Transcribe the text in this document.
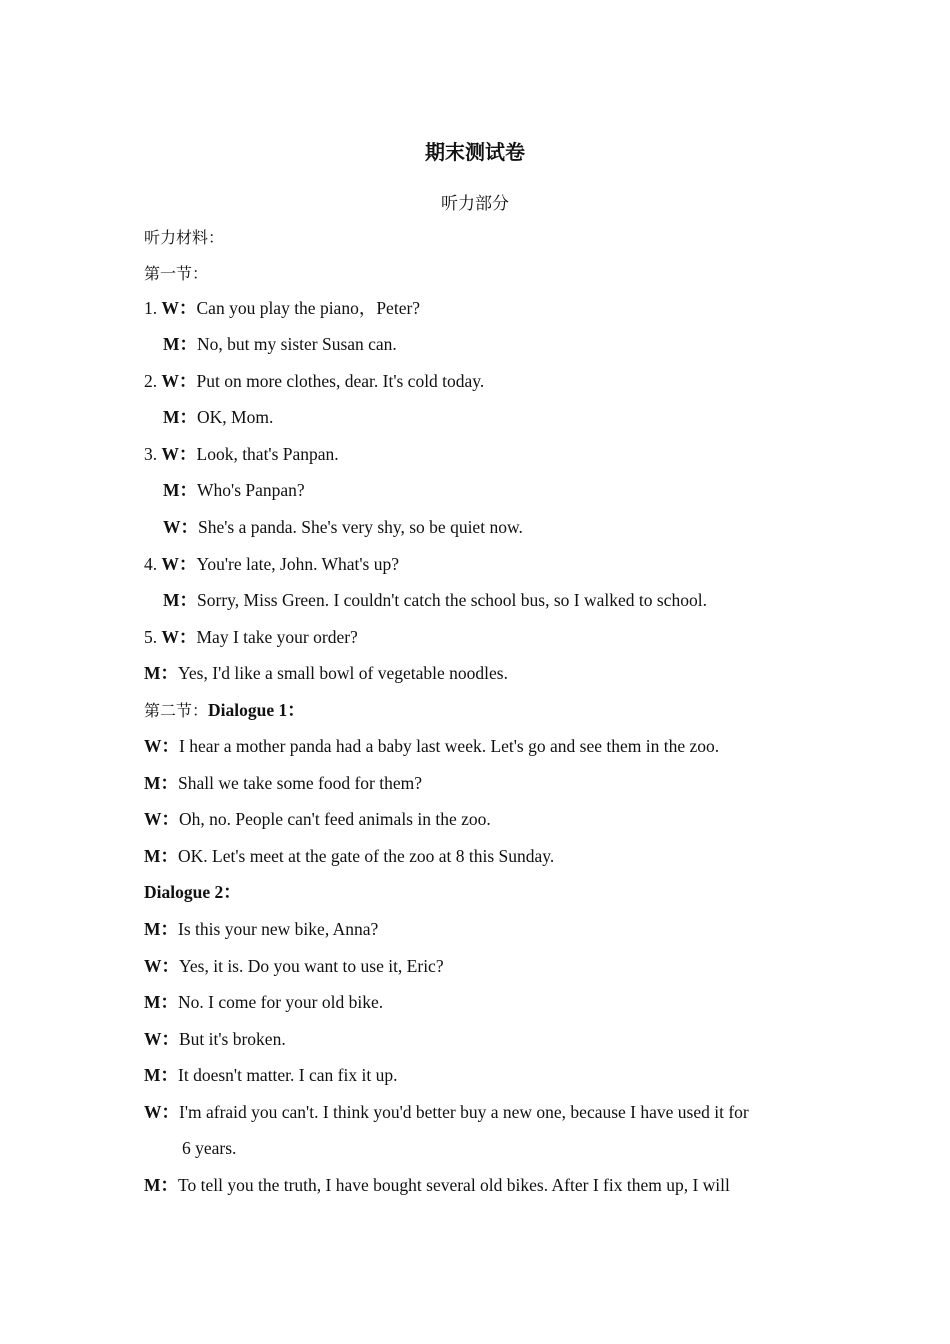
期末测试卷
听力部分
听力材料：
第一节：
1. W：Can you play the piano，Peter?
M：No, but my sister Susan can.
2. W：Put on more clothes, dear. It's cold today.
M：OK, Mom.
3. W：Look, that's Panpan.
M：Who's Panpan?
W：She's a panda. She's very shy, so be quiet now.
4. W：You're late, John. What's up?
M：Sorry, Miss Green. I couldn't catch the school bus, so I walked to school.
5. W：May I take your order?
M：Yes, I'd like a small bowl of vegetable noodles.
第二节：Dialogue 1：
W：I hear a mother panda had a baby last week. Let's go and see them in the zoo.
M：Shall we take some food for them?
W：Oh, no. People can't feed animals in the zoo.
M：OK. Let's meet at the gate of the zoo at 8 this Sunday.
Dialogue 2：
M：Is this your new bike, Anna?
W：Yes, it is. Do you want to use it, Eric?
M：No. I come for your old bike.
W：But it's broken.
M：It doesn't matter. I can fix it up.
W：I'm afraid you can't. I think you'd better buy a new one, because I have used it for
6 years.
M：To tell you the truth, I have bought several old bikes. After I fix them up, I will
